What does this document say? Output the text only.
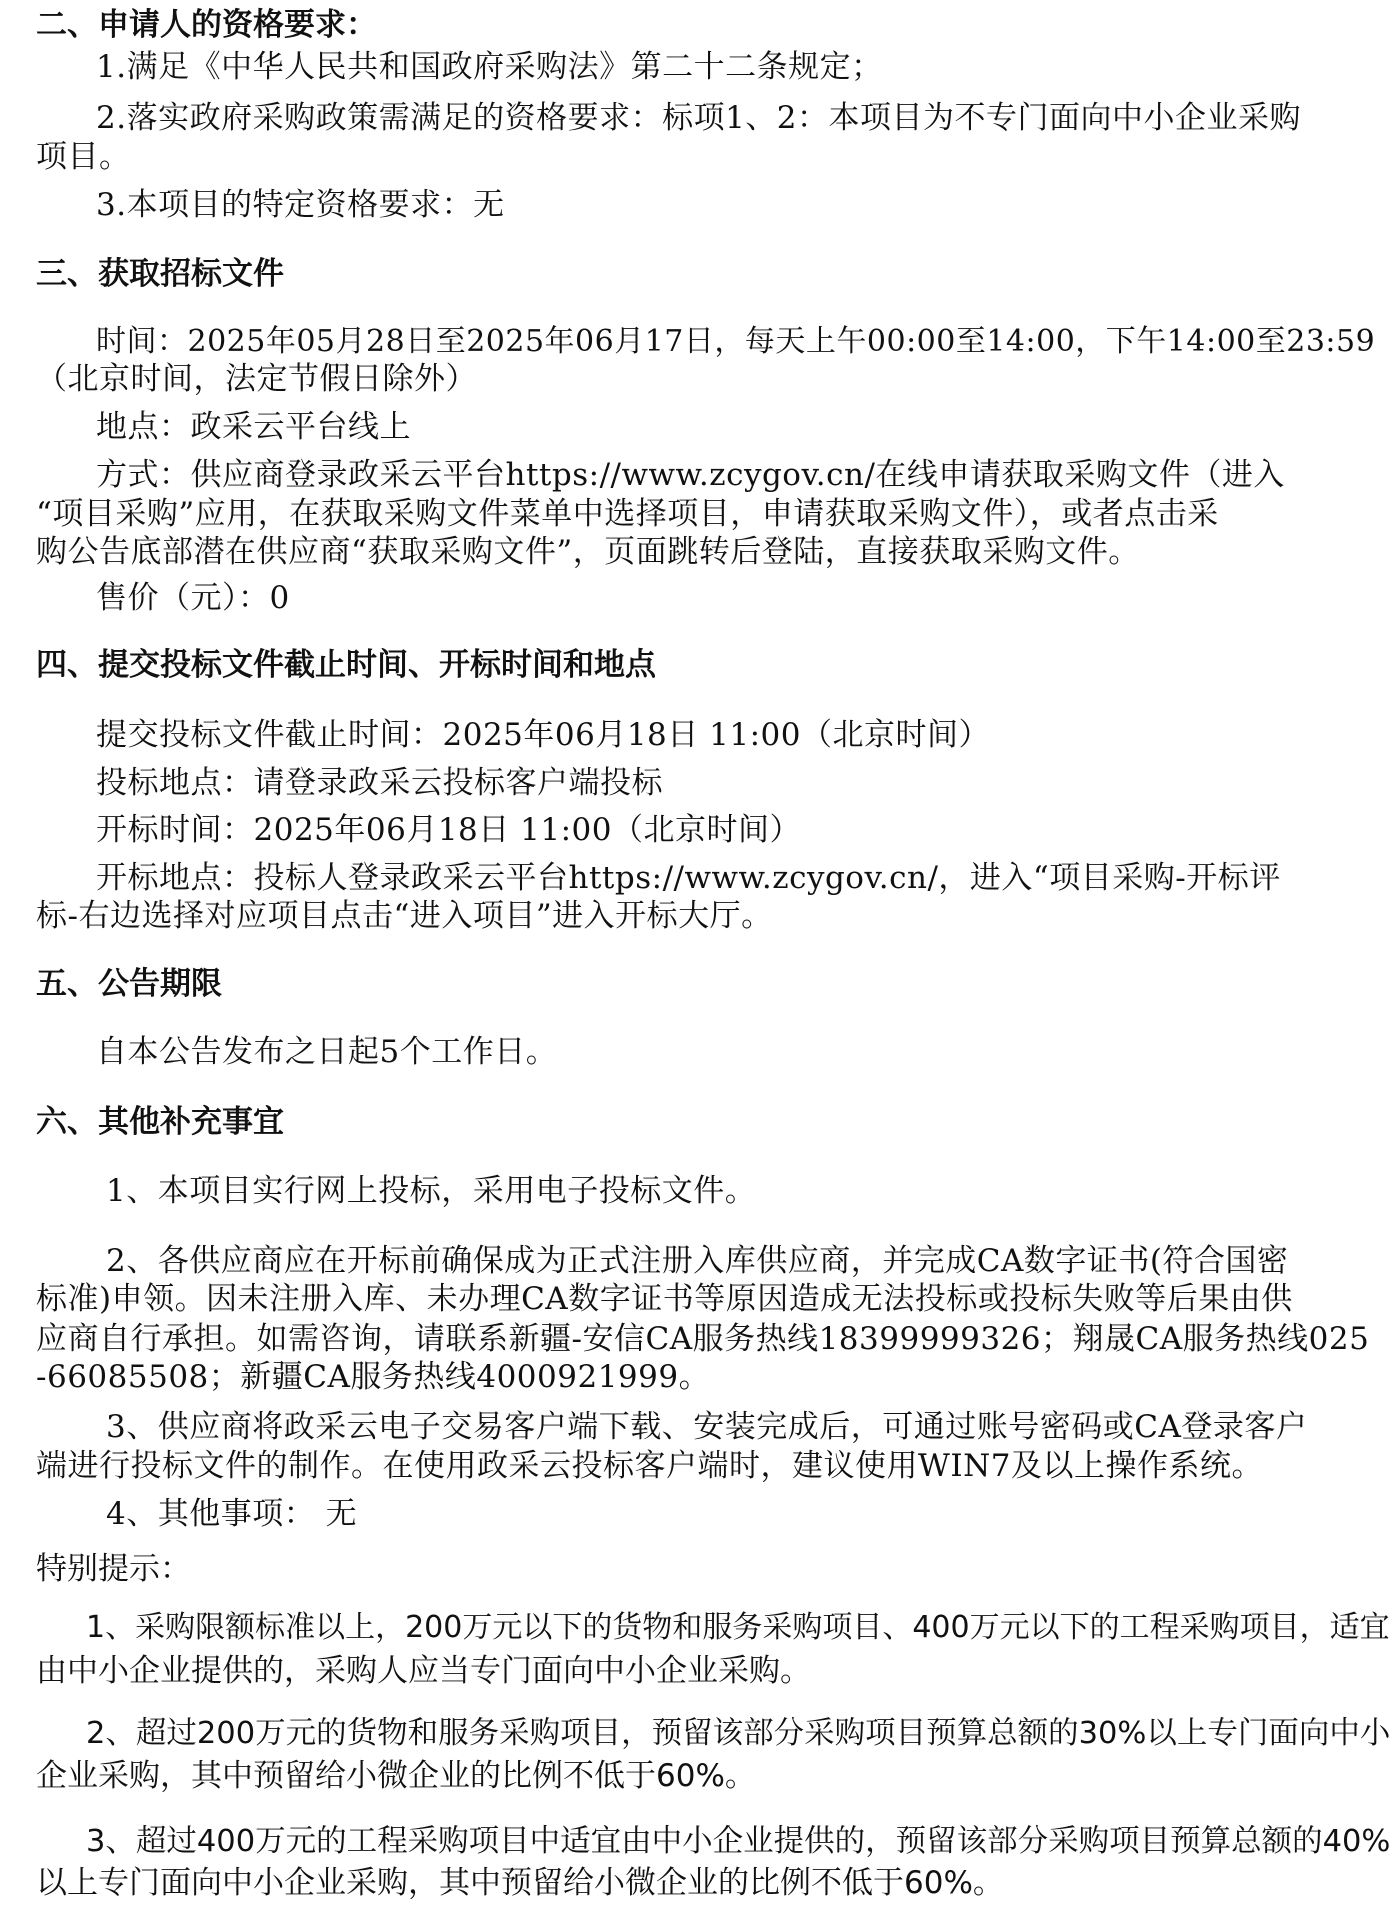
二、申请人的资格要求：

1.满足《中华人民共和国政府采购法》第二十二条规定；

2.落实政府采购政策需满足的资格要求：标项1、2：本项目为不专门面向中小企业采购

项目。

3.本项目的特定资格要求：无

三、获取招标文件

时间：2025年05月28日至2025年06月17日，每天上午00:00至14:00，下午14:00至23:59

（北京时间，法定节假日除外）

地点：政采云平台线上

方式：供应商登录政采云平台https://www.zcygov.cn/在线申请获取采购文件（进入

“项目采购”应用，在获取采购文件菜单中选择项目，申请获取采购文件），或者点击采

购公告底部潜在供应商“获取采购文件”，页面跳转后登陆，直接获取采购文件。

售价（元）：0

四、提交投标文件截止时间、开标时间和地点

提交投标文件截止时间：2025年06月18日 11:00（北京时间）

投标地点：请登录政采云投标客户端投标

开标时间：2025年06月18日 11:00（北京时间）

开标地点：投标人登录政采云平台https://www.zcygov.cn/，进入“项目采购-开标评

标-右边选择对应项目点击“进入项目”进入开标大厅。

五、公告期限

自本公告发布之日起5个工作日。

六、其他补充事宜

1、本项目实行网上投标，采用电子投标文件。

2、各供应商应在开标前确保成为正式注册入库供应商，并完成CA数字证书(符合国密

标准)申领。因未注册入库、未办理CA数字证书等原因造成无法投标或投标失败等后果由供

应商自行承担。如需咨询，请联系新疆-安信CA服务热线18399999326；翔晟CA服务热线025

-66085508；新疆CA服务热线4000921999。

3、供应商将政采云电子交易客户端下载、安装完成后，可通过账号密码或CA登录客户

端进行投标文件的制作。在使用政采云投标客户端时，建议使用WIN7及以上操作系统。

4、其他事项： 无

特别提示：

1、采购限额标准以上，200万元以下的货物和服务采购项目、400万元以下的工程采购项目，适宜

由中小企业提供的，采购人应当专门面向中小企业采购。

2、超过200万元的货物和服务采购项目，预留该部分采购项目预算总额的30%以上专门面向中小

企业采购，其中预留给小微企业的比例不低于60%。

3、超过400万元的工程采购项目中适宜由中小企业提供的，预留该部分采购项目预算总额的40%

以上专门面向中小企业采购，其中预留给小微企业的比例不低于60%。
